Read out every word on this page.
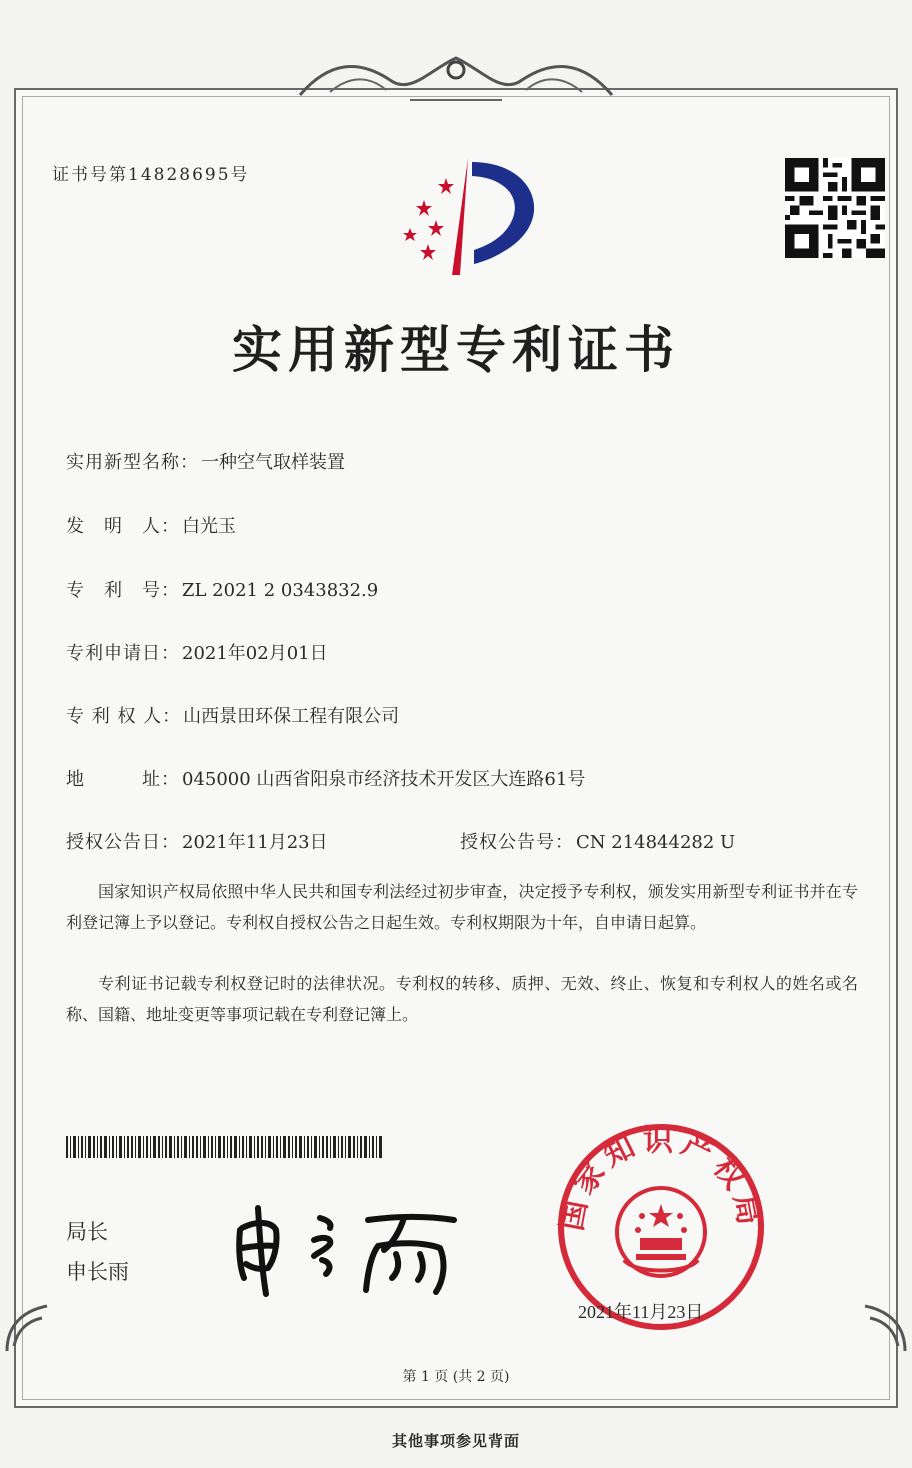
证书号第14828695号
实用新型专利证书
实用新型名称： 一种空气取样装置
发　明　人： 白光玉
专　利　号： ZL 2021 2 0343832.9
专利申请日： 2021年02月01日
专 利 权 人： 山西景田环保工程有限公司
地　　　址： 045000 山西省阳泉市经济技术开发区大连路61号
授权公告日： 2021年11月23日	授权公告号： CN 214844282 U
国家知识产权局依照中华人民共和国专利法经过初步审查，决定授予专利权，颁发实用新型专利证书并在专利登记簿上予以登记。专利权自授权公告之日起生效。专利权期限为十年，自申请日起算。
专利证书记载专利权登记时的法律状况。专利权的转移、质押、无效、终止、恢复和专利权人的姓名或名称、国籍、地址变更等事项记载在专利登记簿上。
局长
申长雨
国家知识产权局
2021年11月23日
第 1 页 (共 2 页)
其他事项参见背面
